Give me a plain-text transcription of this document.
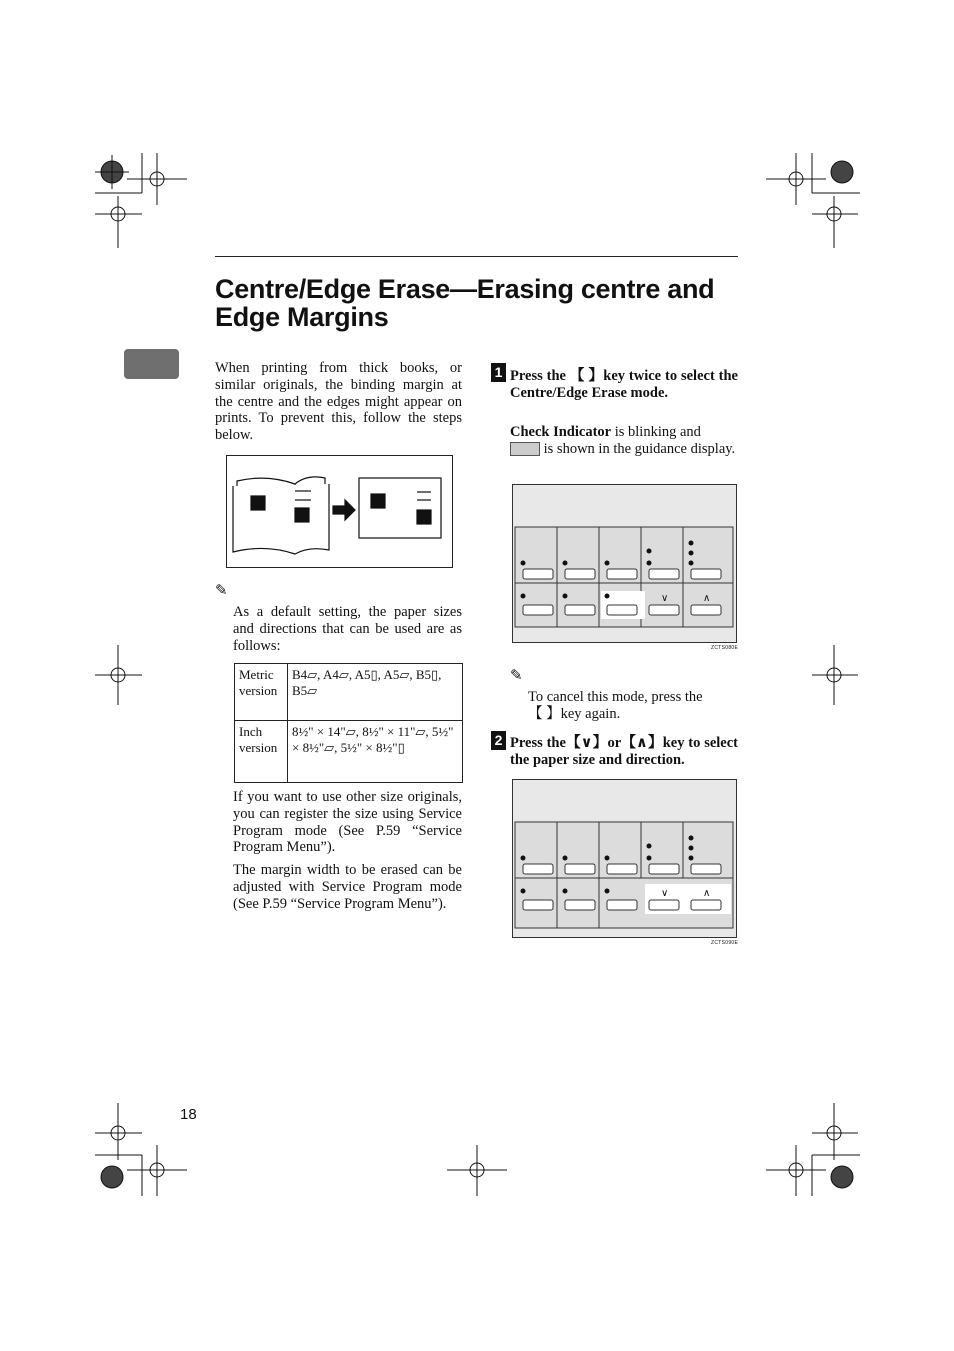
Centre/Edge Erase—Erasing centre and
Edge Margins
When printing from thick books, or similar originals, the binding margin at the centre and the edges might appear on prints. To prevent this, follow the steps below.
✎
As a default setting, the paper sizes and directions that can be used are as follows:
Metric version	B4▱, A4▱, A5▯, A5▱, B5▯, B5▱
Inch version	8½" × 14"▱, 8½" × 11"▱, 5½" × 8½"▱, 5½" × 8½"▯
If you want to use other size originals, you can register the size using Service Program mode (See P.59 “Service Program Menu”).
The margin width to be erased can be adjusted with Service Program mode (See P.59 “Service Program Menu”).
1 Press the 【 】key twice to select the Centre/Edge Erase mode.
Check Indicator is blinking and
is shown in the guidance display.
∨	∧
ZCTS080E
✎
To cancel this mode, press the
【 】key again.
2 Press the【∨】or【∧】key to select the paper size and direction.
∨	∧
ZCTS090E
18
